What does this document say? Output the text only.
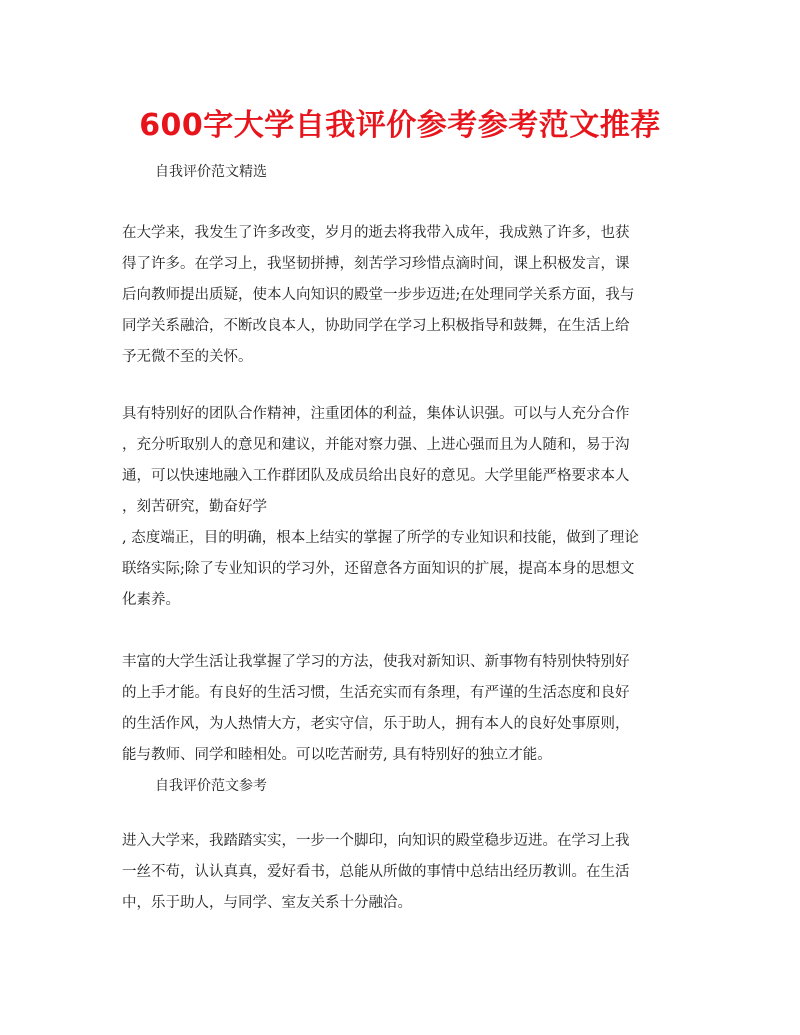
600字大学自我评价参考参考范文推荐
自我评价范文精选
在大学来，我发生了许多改变，岁月的逝去将我带入成年，我成熟了许多，也获
得了许多。在学习上，我坚韧拼搏，刻苦学习珍惜点滴时间，课上积极发言，课
后向教师提出质疑，使本人向知识的殿堂一步步迈进;在处理同学关系方面，我与
同学关系融洽，不断改良本人，协助同学在学习上积极指导和鼓舞，在生活上给
予无微不至的关怀。
具有特别好的团队合作精神，注重团体的利益，集体认识强。可以与人充分合作
，充分听取别人的意见和建议，并能对察力强、上进心强而且为人随和，易于沟
通，可以快速地融入工作群团队及成员给出良好的意见。大学里能严格要求本人
，刻苦研究，勤奋好学
, 态度端正，目的明确，根本上结实的掌握了所学的专业知识和技能，做到了理论
联络实际;除了专业知识的学习外，还留意各方面知识的扩展，提高本身的思想文
化素养。
丰富的大学生活让我掌握了学习的方法，使我对新知识、新事物有特别快特别好
的上手才能。有良好的生活习惯，生活充实而有条理，有严谨的生活态度和良好
的生活作风，为人热情大方，老实守信，乐于助人，拥有本人的良好处事原则，
能与教师、同学和睦相处。可以吃苦耐劳, 具有特别好的独立才能。
自我评价范文参考
进入大学来，我踏踏实实，一步一个脚印，向知识的殿堂稳步迈进。在学习上我
一丝不苟，认认真真，爱好看书，总能从所做的事情中总结出经历教训。在生活
中，乐于助人，与同学、室友关系十分融洽。
